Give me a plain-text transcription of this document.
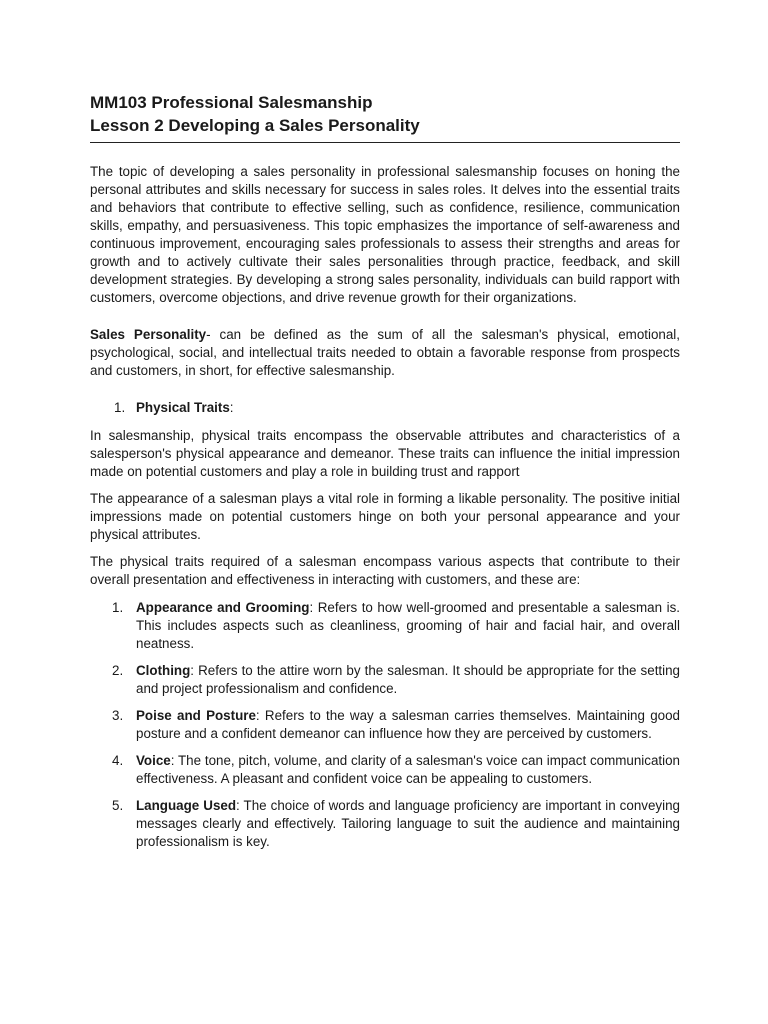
MM103 Professional Salesmanship
Lesson 2 Developing a Sales Personality

The topic of developing a sales personality in professional salesmanship focuses on honing the personal attributes and skills necessary for success in sales roles. It delves into the essential traits and behaviors that contribute to effective selling, such as confidence, resilience, communication skills, empathy, and persuasiveness. This topic emphasizes the importance of self-awareness and continuous improvement, encouraging sales professionals to assess their strengths and areas for growth and to actively cultivate their sales personalities through practice, feedback, and skill development strategies. By developing a strong sales personality, individuals can build rapport with customers, overcome objections, and drive revenue growth for their organizations.

Sales Personality- can be defined as the sum of all the salesman's physical, emotional, psychological, social, and intellectual traits needed to obtain a favorable response from prospects and customers, in short, for effective salesmanship.

1. Physical Traits:

In salesmanship, physical traits encompass the observable attributes and characteristics of a salesperson's physical appearance and demeanor. These traits can influence the initial impression made on potential customers and play a role in building trust and rapport

The appearance of a salesman plays a vital role in forming a likable personality. The positive initial impressions made on potential customers hinge on both your personal appearance and your physical attributes.

The physical traits required of a salesman encompass various aspects that contribute to their overall presentation and effectiveness in interacting with customers, and these are:

1. Appearance and Grooming: Refers to how well-groomed and presentable a salesman is. This includes aspects such as cleanliness, grooming of hair and facial hair, and overall neatness.
2. Clothing: Refers to the attire worn by the salesman. It should be appropriate for the setting and project professionalism and confidence.
3. Poise and Posture: Refers to the way a salesman carries themselves. Maintaining good posture and a confident demeanor can influence how they are perceived by customers.
4. Voice: The tone, pitch, volume, and clarity of a salesman's voice can impact communication effectiveness. A pleasant and confident voice can be appealing to customers.
5. Language Used: The choice of words and language proficiency are important in conveying messages clearly and effectively. Tailoring language to suit the audience and maintaining professionalism is key.
